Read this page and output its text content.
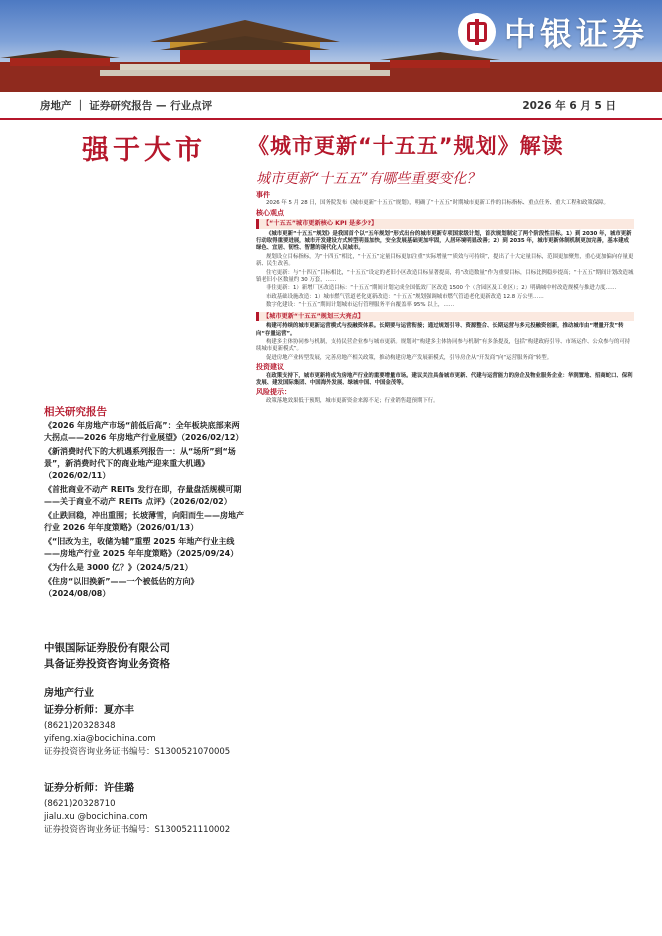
中银证券
房地产 ｜ 证券研究报告 — 行业点评	2026 年 6 月 5 日
强于大市
相关研究报告
《2026 年房地产市场“前低后高”：全年板块底部来两大拐点——2026 年房地产行业展望》（2026/02/12）
《新消费时代下的大机遇系列报告一：从“场所”到“场景”，新消费时代下的商业地产迎来重大机遇》（2026/02/11）
《首批商业不动产 REITs 发行在即，存量盘活规模可期——关于商业不动产 REITs 点评》（2026/02/02）
《止跌回稳，冲出重围；长坡薄雪，向阳而生——房地产行业 2026 年年度策略》（2026/01/13）
《“旧改为主，收储为辅”重塑 2025 年地产行业主线——房地产行业 2025 年年度策略》（2025/09/24）
《为什么是 3000 亿？》（2024/5/21）
《住房“以旧换新”——一个被低估的方向》（2024/08/08）
中银国际证券股份有限公司
具备证券投资咨询业务资格
房地产行业
证券分析师：夏亦丰
(8621)20328348
yifeng.xia@bocichina.com
证券投资咨询业务证书编号：S1300521070005
证券分析师：许佳璐
(8621)20328710
jialu.xu @bocichina.com
证券投资咨询业务证书编号：S1300521110002
《城市更新“十五五”规划》解读
城市更新“十五五”有哪些重要变化？
事件
2026 年 5 月 28 日，国务院发布《城市更新“十五五”规划》，明确了“十五五”时期城市更新工作的目标指标、重点任务、重大工程和政策保障。
核心观点
【“十五五”城市更新核心 KPI 是多少?】
《城市更新“十五五”规划》是我国首个以“五年规划”形式出台的城市更新专项国家级计划，首次规划制定了两个阶段性目标。1）到 2030 年，城市更新行动取得重要进展，城市开发建设方式转型明显加快，安全发展基础更加牢固，人居环境明显改善；2）到 2035 年，城市更新体制机制更加完善，基本建成绿色、宜居、韧性、智慧的现代化人民城市。
规划设立目标指标，为“十四五”相比，“十五五”定量目标更加注重“实际增量”“质效与可持续”，提出了十大定量目标，范围更加聚焦，重心更加偏向存量更新、民生改善。
住宅更新：与“十四五”目标相比，“十五五”设定的老旧小区改造目标显著提高，将“改造数量”作为重要目标，目标比例稳步提高；“十五五”期间计划改造城镇老旧小区数量约 30 万套，……
非住更新：1）新增厂区改造目标：“十五五”期间计划完成全国低效厂区改造 1500 个（含园区及工业区）；2）明确城中村改造规模与推进力度……
市政基础设施改造：1）城市燃气管道老化更新改造：“十五五”规划强调城市燃气管道老化更新改造 12.8 万公里……
数字化建设：“十五五”期间计划城市运行管理服务平台覆盖率 95% 以上，……
【城市更新“十五五”规划三大亮点】
构建可持续的城市更新运营模式与投融资体系。长期要与运营衔接；通过规划引导、资源整合、长期运营与多元投融资创新，推动城市由“增量开发”转向“存量运营”。
构建多主体协同参与机制，支持民营企业参与城市更新。规划对“构建多主体协同参与机制”有多条提及，包括“构建政府引导、市场运作、公众参与的可持续城市更新模式”。
促进房地产业转型发展，完善房地产相关政策，推动构建房地产发展新模式，引导房企从“开发商”向“运营服务商”转型。
投资建议
在政策支持下，城市更新将成为房地产行业的重要增量市场。建议关注具备城市更新、代建与运营能力的房企及物业服务企业：华润置地、招商蛇口、保利发展、建发国际集团、中国海外发展、绿城中国、中国金茂等。
风险提示：
政策落地效果低于预期，城市更新资金来源不足；行业销售超预期下行。
